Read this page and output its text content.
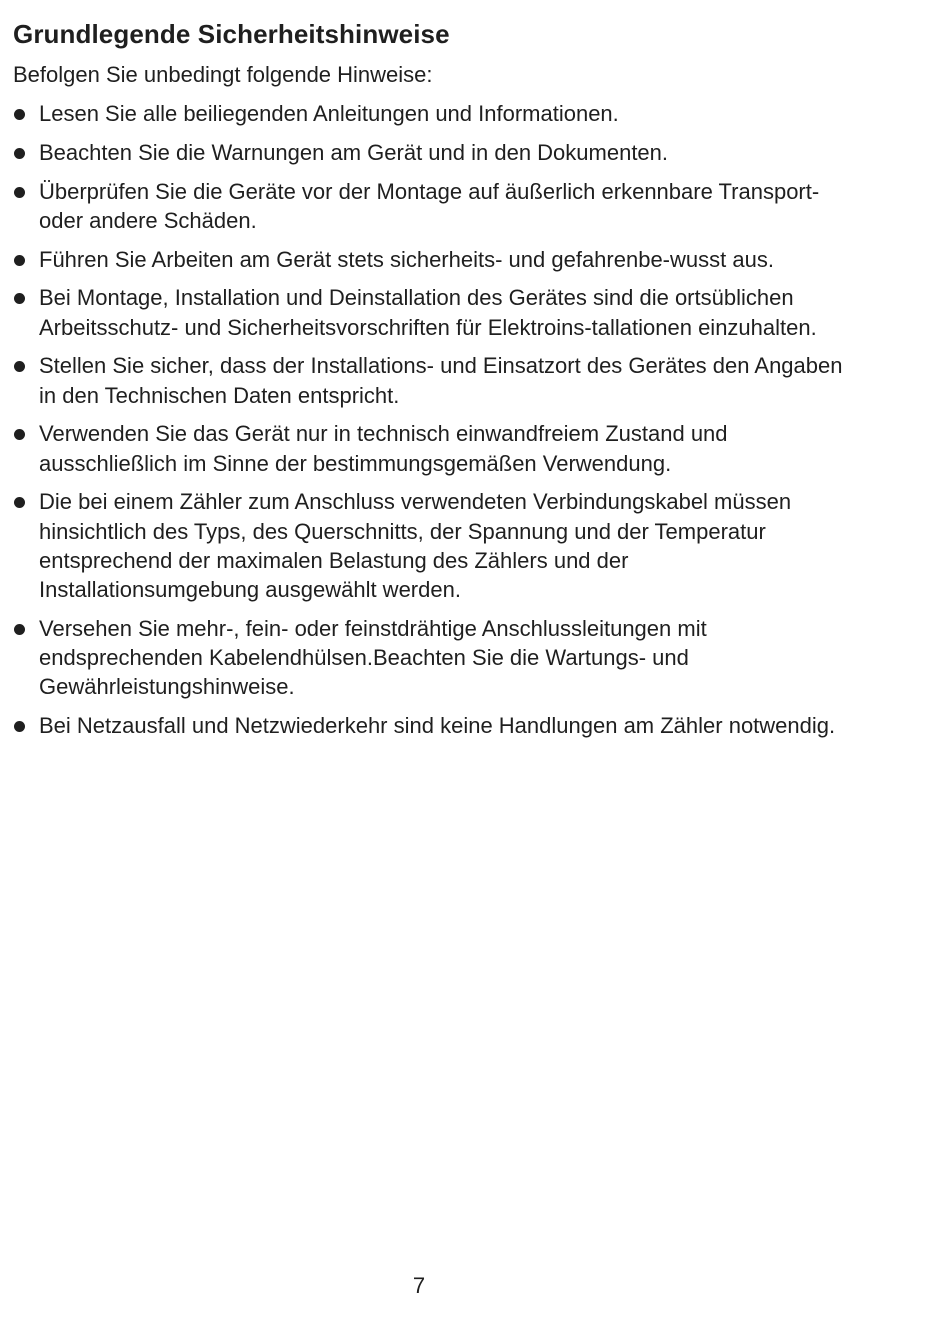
Grundlegende Sicherheitshinweise

Befolgen Sie unbedingt folgende Hinweise:

Lesen Sie alle beiliegenden Anleitungen und Informationen.
Beachten Sie die Warnungen am Gerät und in den Dokumenten.
Überprüfen Sie die Geräte vor der Montage auf äußerlich erkennbare Transport- oder andere Schäden.
Führen Sie Arbeiten am Gerät stets sicherheits- und gefahrenbe-wusst aus.
Bei Montage, Installation und Deinstallation des Gerätes sind die ortsüblichen Arbeitsschutz- und Sicherheitsvorschriften für Elektroins-tallationen einzuhalten.
Stellen Sie sicher, dass der Installations- und Einsatzort des Gerätes den Angaben in den Technischen Daten entspricht.
Verwenden Sie das Gerät nur in technisch einwandfreiem Zustand und ausschließlich im Sinne der bestimmungsgemäßen Verwendung.
Die bei einem Zähler zum Anschluss verwendeten Verbindungskabel müssen hinsichtlich des Typs, des Querschnitts, der Spannung und der Temperatur entsprechend der maximalen Belastung des Zählers und der Installationsumgebung ausgewählt werden.
Versehen Sie mehr-, fein- oder feinstdrähtige Anschlussleitungen mit endsprechenden Kabelendhülsen.Beachten Sie die Wartungs- und Gewährleistungshinweise.
Bei Netzausfall und Netzwiederkehr sind keine Handlungen am Zähler notwendig.

7
